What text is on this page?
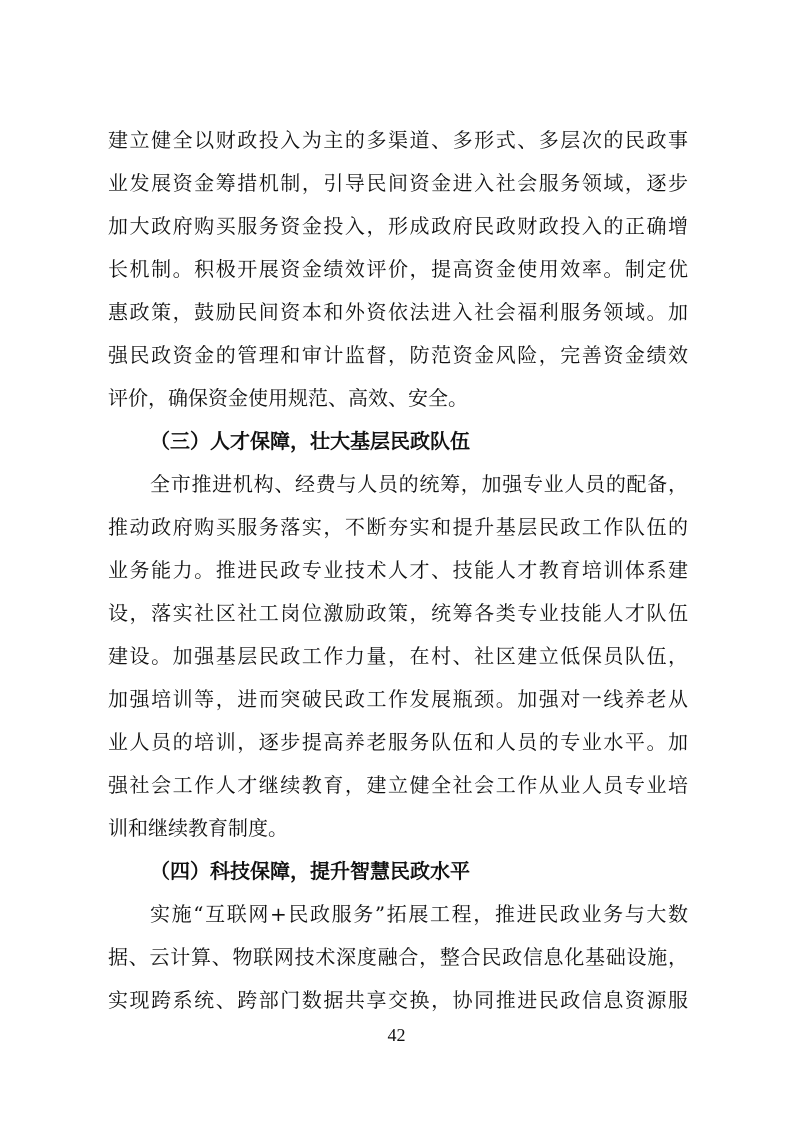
建立健全以财政投入为主的多渠道、多形式、多层次的民政事
业发展资金筹措机制，引导民间资金进入社会服务领域，逐步
加大政府购买服务资金投入，形成政府民政财政投入的正确增
长机制。积极开展资金绩效评价，提高资金使用效率。制定优
惠政策，鼓励民间资本和外资依法进入社会福利服务领域。加
强民政资金的管理和审计监督，防范资金风险，完善资金绩效
评价，确保资金使用规范、高效、安全。
（三）人才保障，壮大基层民政队伍
全市推进机构、经费与人员的统筹，加强专业人员的配备，
推动政府购买服务落实，不断夯实和提升基层民政工作队伍的
业务能力。推进民政专业技术人才、技能人才教育培训体系建
设，落实社区社工岗位激励政策，统筹各类专业技能人才队伍
建设。加强基层民政工作力量，在村、社区建立低保员队伍，
加强培训等，进而突破民政工作发展瓶颈。加强对一线养老从
业人员的培训，逐步提高养老服务队伍和人员的专业水平。加
强社会工作人才继续教育，建立健全社会工作从业人员专业培
训和继续教育制度。
（四）科技保障，提升智慧民政水平
实施“互联网+民政服务”拓展工程，推进民政业务与大数
据、云计算、物联网技术深度融合，整合民政信息化基础设施，
实现跨系统、跨部门数据共享交换，协同推进民政信息资源服
42
